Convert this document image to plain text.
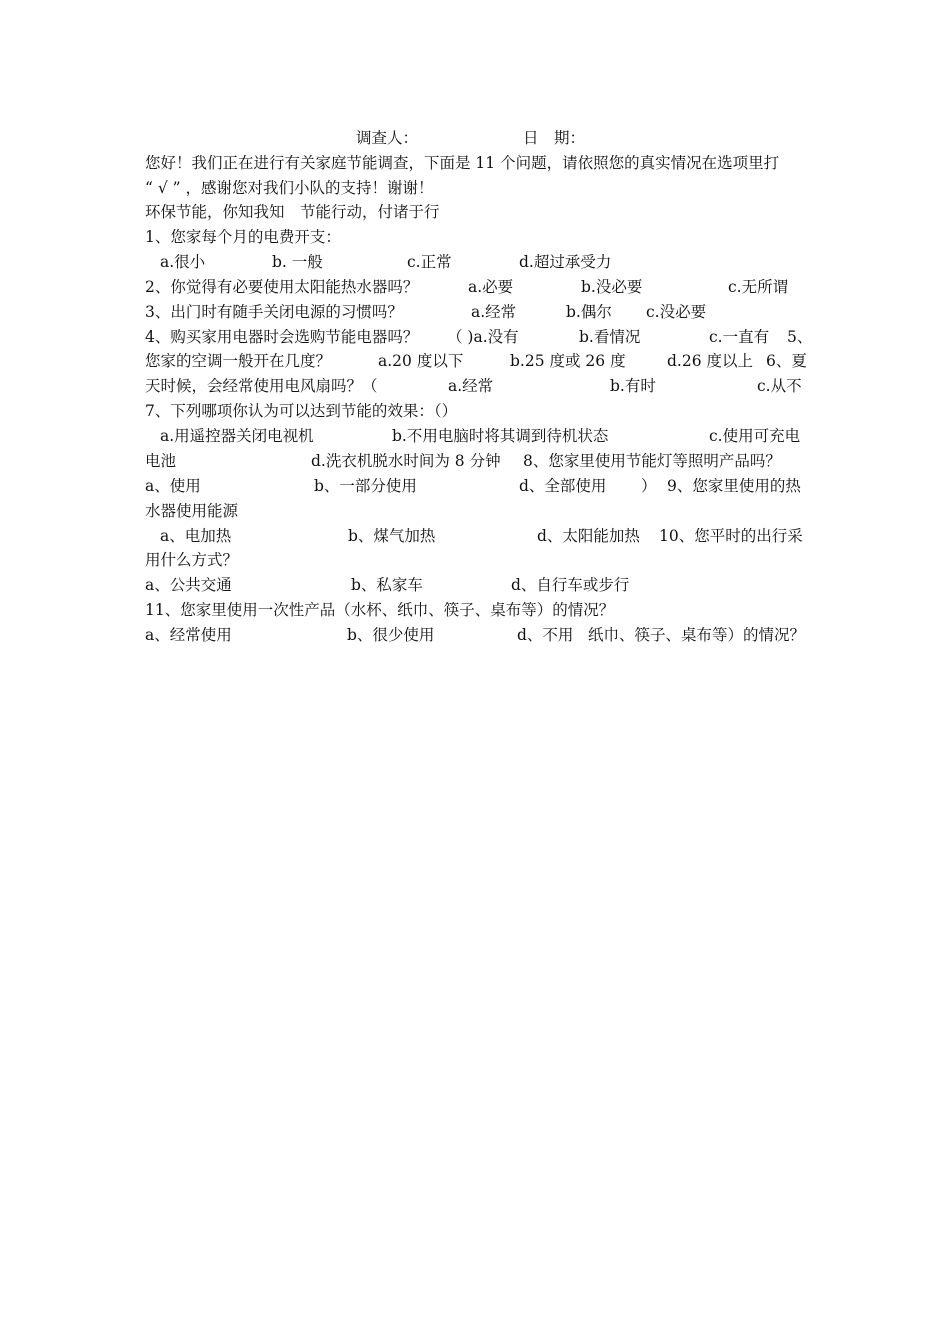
调查人：	日　期：
您好！我们正在进行有关家庭节能调查，下面是 11 个问题，请依照您的真实情况在选项里打
“ √ ” ，感谢您对我们小队的支持！谢谢！
环保节能，你知我知　节能行动，付诸于行
1、您家每个月的电费开支：
a.很小	b. 一般	c.正常	d.超过承受力
2、你觉得有必要使用太阳能热水器吗？	a.必要	b.没必要	c.无所谓
3、出门时有随手关闭电源的习惯吗？	a.经常	b.偶尔 c.没必要
4、购买家用电器时会选购节能电器吗？ （ )a.没有	b.看情况	c.一直有 5、
您家的空调一般开在几度？	a.20 度以下	b.25 度或 26 度	d.26 度以上 6、夏
天时候，会经常使用电风扇吗？（	a.经常	b.有时	c.从不
7、下列哪项你认为可以达到节能的效果：（）
a.用遥控器关闭电视机	b.不用电脑时将其调到待机状态	c.使用可充电
电池	d.洗衣机脱水时间为 8 分钟 8、您家里使用节能灯等照明产品吗？
a、使用	b、一部分使用	d、全部使用 ） 9、您家里使用的热
水器使用能源
a、电加热	b、煤气加热	d、太阳能加热 10、您平时的出行采
用什么方式？
a、公共交通	b、私家车	d、自行车或步行
11、您家里使用一次性产品（水杯、纸巾、筷子、桌布等）的情况？
a、经常使用	b、很少使用	d、不用 纸巾、筷子、桌布等）的情况？
